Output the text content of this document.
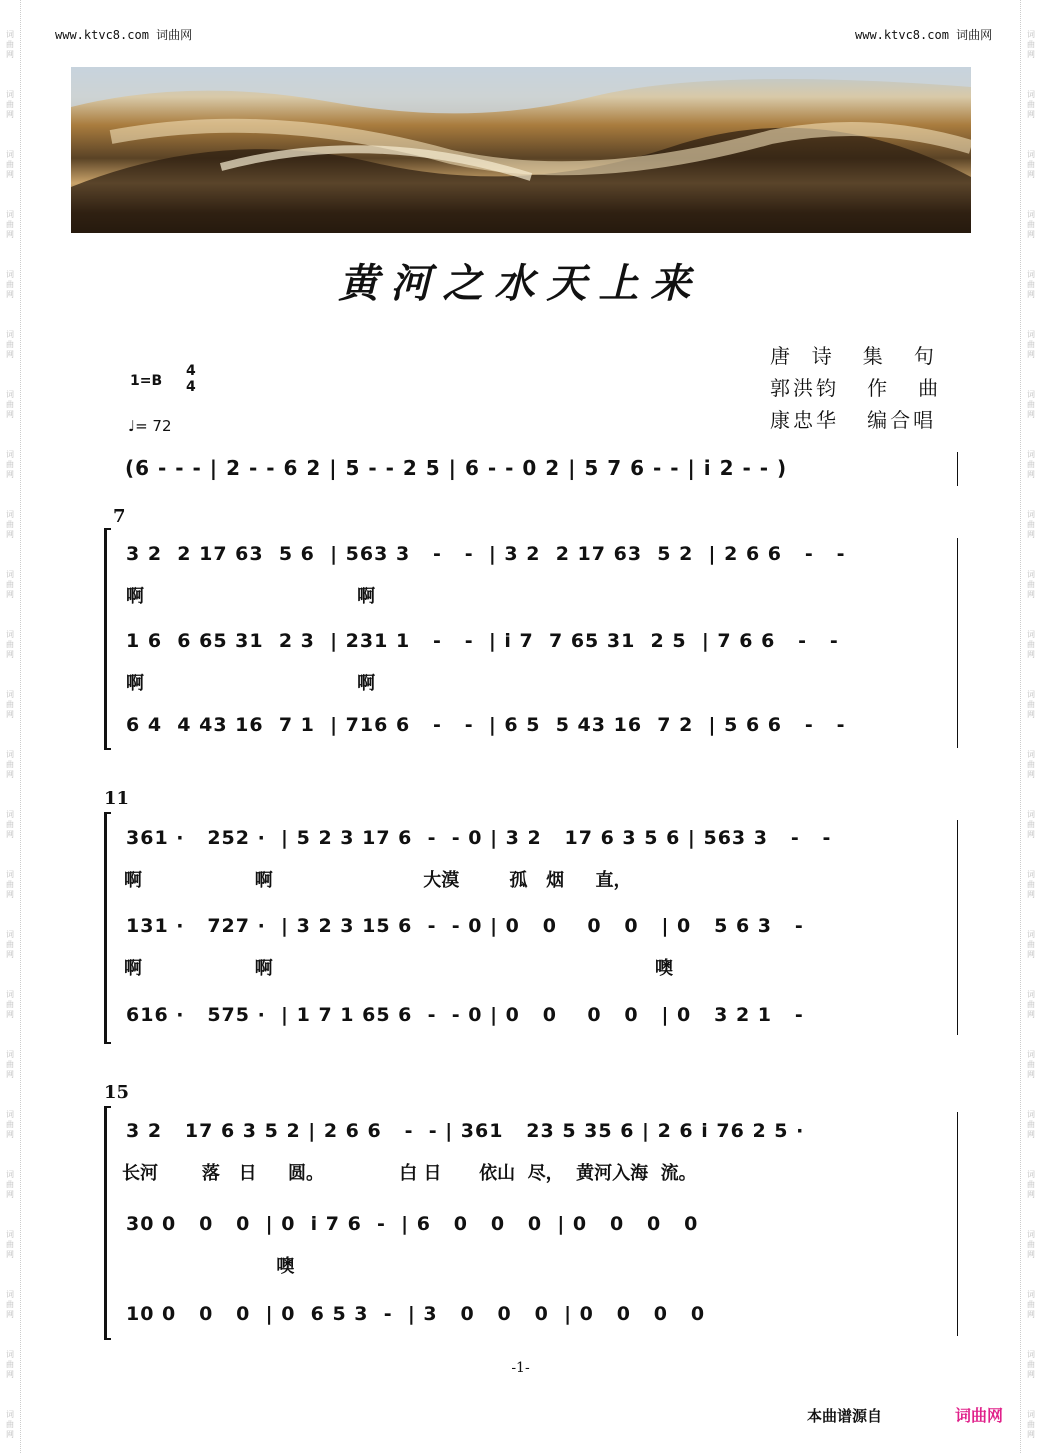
www.ktvc8.com 词曲网	www.ktvc8.com 词曲网
词曲网
词曲网
词曲网
词曲网
词曲网
词曲网
词曲网
词曲网
词曲网
词曲网
词曲网
词曲网
词曲网
词曲网
词曲网
词曲网
词曲网
词曲网
词曲网
词曲网
词曲网
词曲网
词曲网
词曲网
词曲网
词曲网
词曲网
词曲网
词曲网
词曲网
词曲网
词曲网
词曲网
词曲网
词曲网
词曲网
词曲网
词曲网
词曲网
词曲网
词曲网
词曲网
词曲网
词曲网
词曲网
词曲网
词曲网
词曲网
黄河之水天上来
唐  诗   集   句
郭洪钧   作   曲
康忠华   编合唱
1=B
4
4
♩= 72
(6 - - - | 2 - - 6 2 | 5 - - 2 5 | 6 - - 0 2 | 5 7 6 - - | i 2 - - )
7
3 2  2 17 63  5 6  | 563 3   -   -  | 3 2  2 17 63  5 2  | 2 6 6   -   -
啊                                  啊
1 6  6 65 31  2 3  | 231 1   -   -  | i 7  7 65 31  2 5  | 7 6 6   -   -
啊                                  啊
6 4  4 43 16  7 1  | 716 6   -   -  | 6 5  5 43 16  7 2  | 5 6 6   -   -
11
361 ·   252 ·  | 5 2 3 17 6  -  - 0 | 3 2   17 6 3 5 6 | 563 3   -   -
啊                  啊                        大漠        孤   烟     直，
131 ·   727 ·  | 3 2 3 15 6  -  - 0 | 0   0    0   0   | 0   5 6 3   -
啊                  啊                                                             噢
616 ·   575 ·  | 1 7 1 65 6  -  - 0 | 0   0    0   0   | 0   3 2 1   -
15
3 2   17 6 3 5 2 | 2 6 6   -  - | 361   23 5 35 6 | 2 6 i 76 2 5 ·
长河       落   日     圆。            白 日      依山  尽，  黄河入海  流。
30 0   0   0  | 0  i 7 6  -  | 6   0   0   0  | 0   0   0   0
噢
10 0   0   0  | 0  6 5 3  -  | 3   0   0   0  | 0   0   0   0
-1-
本曲谱源自	词曲网
